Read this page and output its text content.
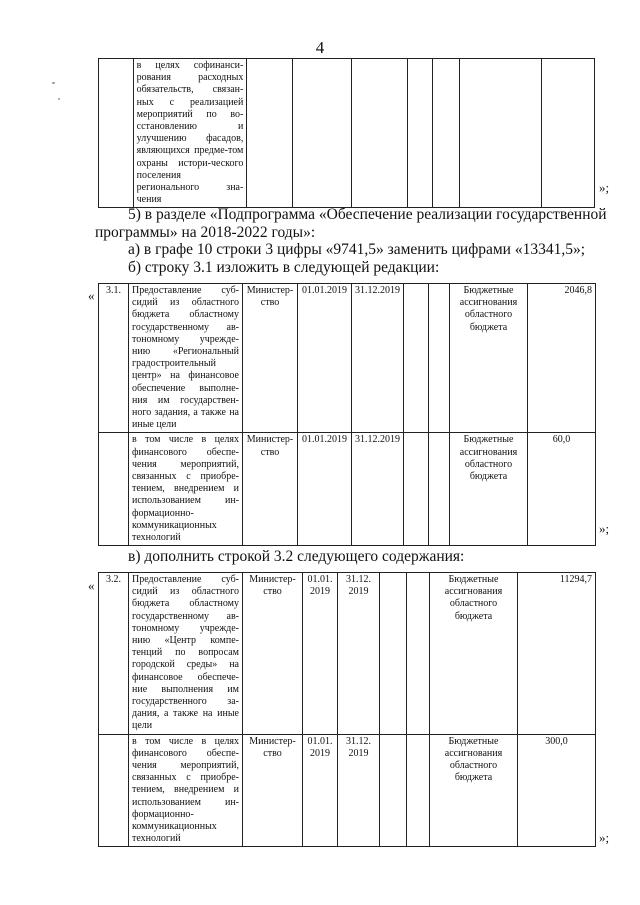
4
	в целях софинанси-рования расходных обязательств, связан-ных с реализацией мероприятий по во-сстановлению и улучшению фасадов, являющихся предме-том охраны истори-ческого поселения регионального зна-чения							
»;
5) в разделе «Подпрограмма «Обеспечение реализации государственной
программы» на 2018-2022 годы»:
а) в графе 10 строки 3 цифры «9741,5» заменить цифрами «13341,5»;
б) строку 3.1 изложить в следующей редакции:
« 3.1.	Предоставление суб-сидий из областного бюджета областному государственному ав-тономному учрежде-нию «Региональный градостроительный центр» на финансовое обеспечение выполне-ния им государствен-ного задания, а также на иные цели	Министер-ство	01.01.2019	31.12.2019			Бюджетные ассигнования областного бюджета	2046,8
	в том числе в целях финансового обеспе-чения мероприятий, связанных с приобре-тением, внедрением и использованием ин-формационно-коммуникационных технологий	Министер-ство	01.01.2019	31.12.2019			Бюджетные ассигнования областного бюджета	60,0
»;
в) дополнить строкой 3.2 следующего содержания:
« 3.2.	Предоставление суб-сидий из областного бюджета областному государственному ав-тономному учрежде-нию «Центр компе-тенций по вопросам городской среды» на финансовое обеспече-ние выполнения им государственного за-дания, а также на иные цели	Министер-ство	01.01. 2019	31.12. 2019			Бюджетные ассигнования областного бюджета	11294,7
	в том числе в целях финансового обеспе-чения мероприятий, связанных с приобре-тением, внедрением и использованием ин-формационно-коммуникационных технологий	Министер-ство	01.01. 2019	31.12. 2019			Бюджетные ассигнования областного бюджета	300,0
»;
